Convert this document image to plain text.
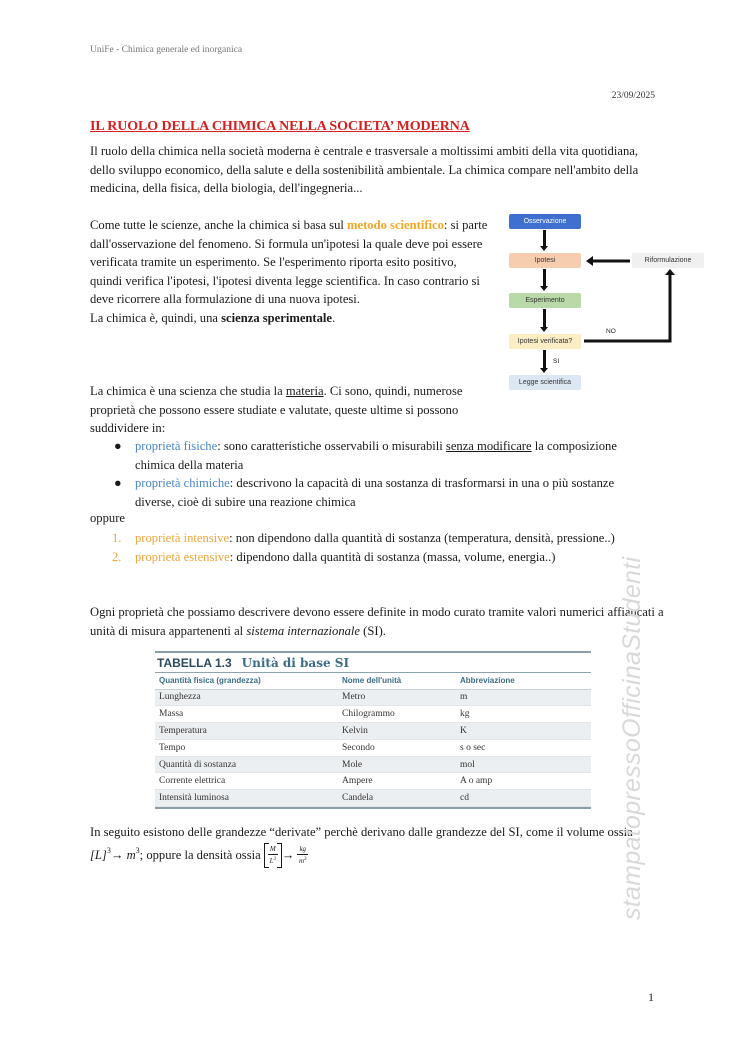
UniFe - Chimica generale ed inorganica
23/09/2025
IL RUOLO DELLA CHIMICA NELLA SOCIETA’ MODERNA

Il ruolo della chimica nella società moderna è centrale e trasversale a moltissimi ambiti della vita quotidiana, dello sviluppo economico, della salute e della sostenibilità ambientale. La chimica compare nell'ambito della medicina, della fisica, della biologia, dell'ingegneria...

Come tutte le scienze, anche la chimica si basa sul metodo scientifico: si parte dall'osservazione del fenomeno. Si formula un'ipotesi la quale deve poi essere verificata tramite un esperimento. Se l'esperimento riporta esito positivo, quindi verifica l'ipotesi, l'ipotesi diventa legge scientifica. In caso contrario si deve ricorrere alla formulazione di una nuova ipotesi.
La chimica è, quindi, una scienza sperimentale.

Osservazione
Ipotesi
Esperimento
Ipotesi verificata?
SI
Legge scientifica
Riformulazione
NO

La chimica è una scienza che studia la materia. Ci sono, quindi, numerose proprietà che possono essere studiate e valutate, queste ultime si possono suddividere in:

● proprietà fisiche: sono caratteristiche osservabili o misurabili senza modificare la composizione chimica della materia
● proprietà chimiche: descrivono la capacità di una sostanza di trasformarsi in una o più sostanze diverse, cioè di subire una reazione chimica
oppure
1. proprietà intensive: non dipendono dalla quantità di sostanza (temperatura, densità, pressione..)
2. proprietà estensive: dipendono dalla quantità di sostanza (massa, volume, energia..)

Ogni proprietà che possiamo descrivere devono essere definite in modo curato tramite valori numerici affiancati a unità di misura appartenenti al sistema internazionale (SI).

TABELLA 1.3 Unità di base SI
Quantità fisica (grandezza)	Nome dell'unità	Abbreviazione
Lunghezza	Metro	m
Massa	Chilogrammo	kg
Temperatura	Kelvin	K
Tempo	Secondo	s o sec
Quantità di sostanza	Mole	mol
Corrente elettrica	Ampere	A o amp
Intensità luminosa	Candela	cd

In seguito esistono delle grandezze “derivate” perchè derivano dalle grandezze del SI, come il volume ossia $[L]^3\to m^3$; oppure la densità ossia $\frac{M}{L^3} \to \frac{kg}{m^3}$	stampatopressoOfficinaStudenti
1
